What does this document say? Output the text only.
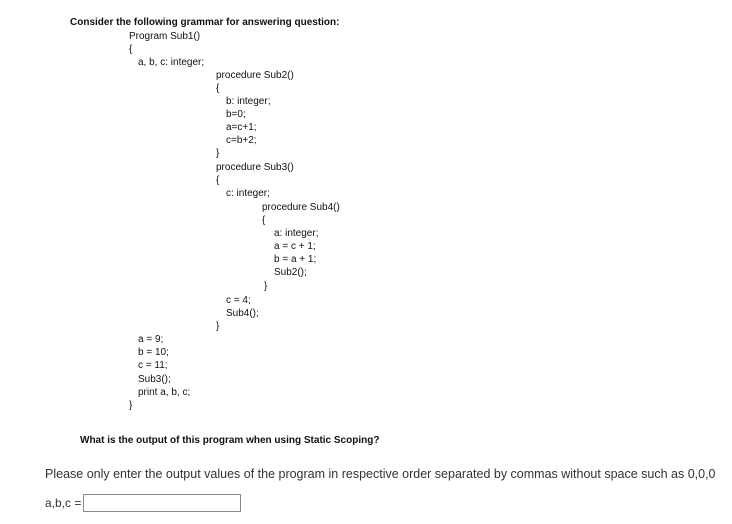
Consider the following grammar for answering question:
Program Sub1()
{
a, b, c: integer;
procedure Sub2()
{
b: integer;
b=0;
a=c+1;
c=b+2;
}
procedure Sub3()
{
c: integer;
procedure Sub4()
{
a: integer;
a = c + 1;
b = a + 1;
Sub2();
}
c = 4;
Sub4();
}
a = 9;
b = 10;
c = 11;
Sub3();
print a, b, c;
}
What is the output of this program when using Static Scoping?
Please only enter the output values of the program in respective order separated by commas without space such as 0,0,0
a,b,c =
